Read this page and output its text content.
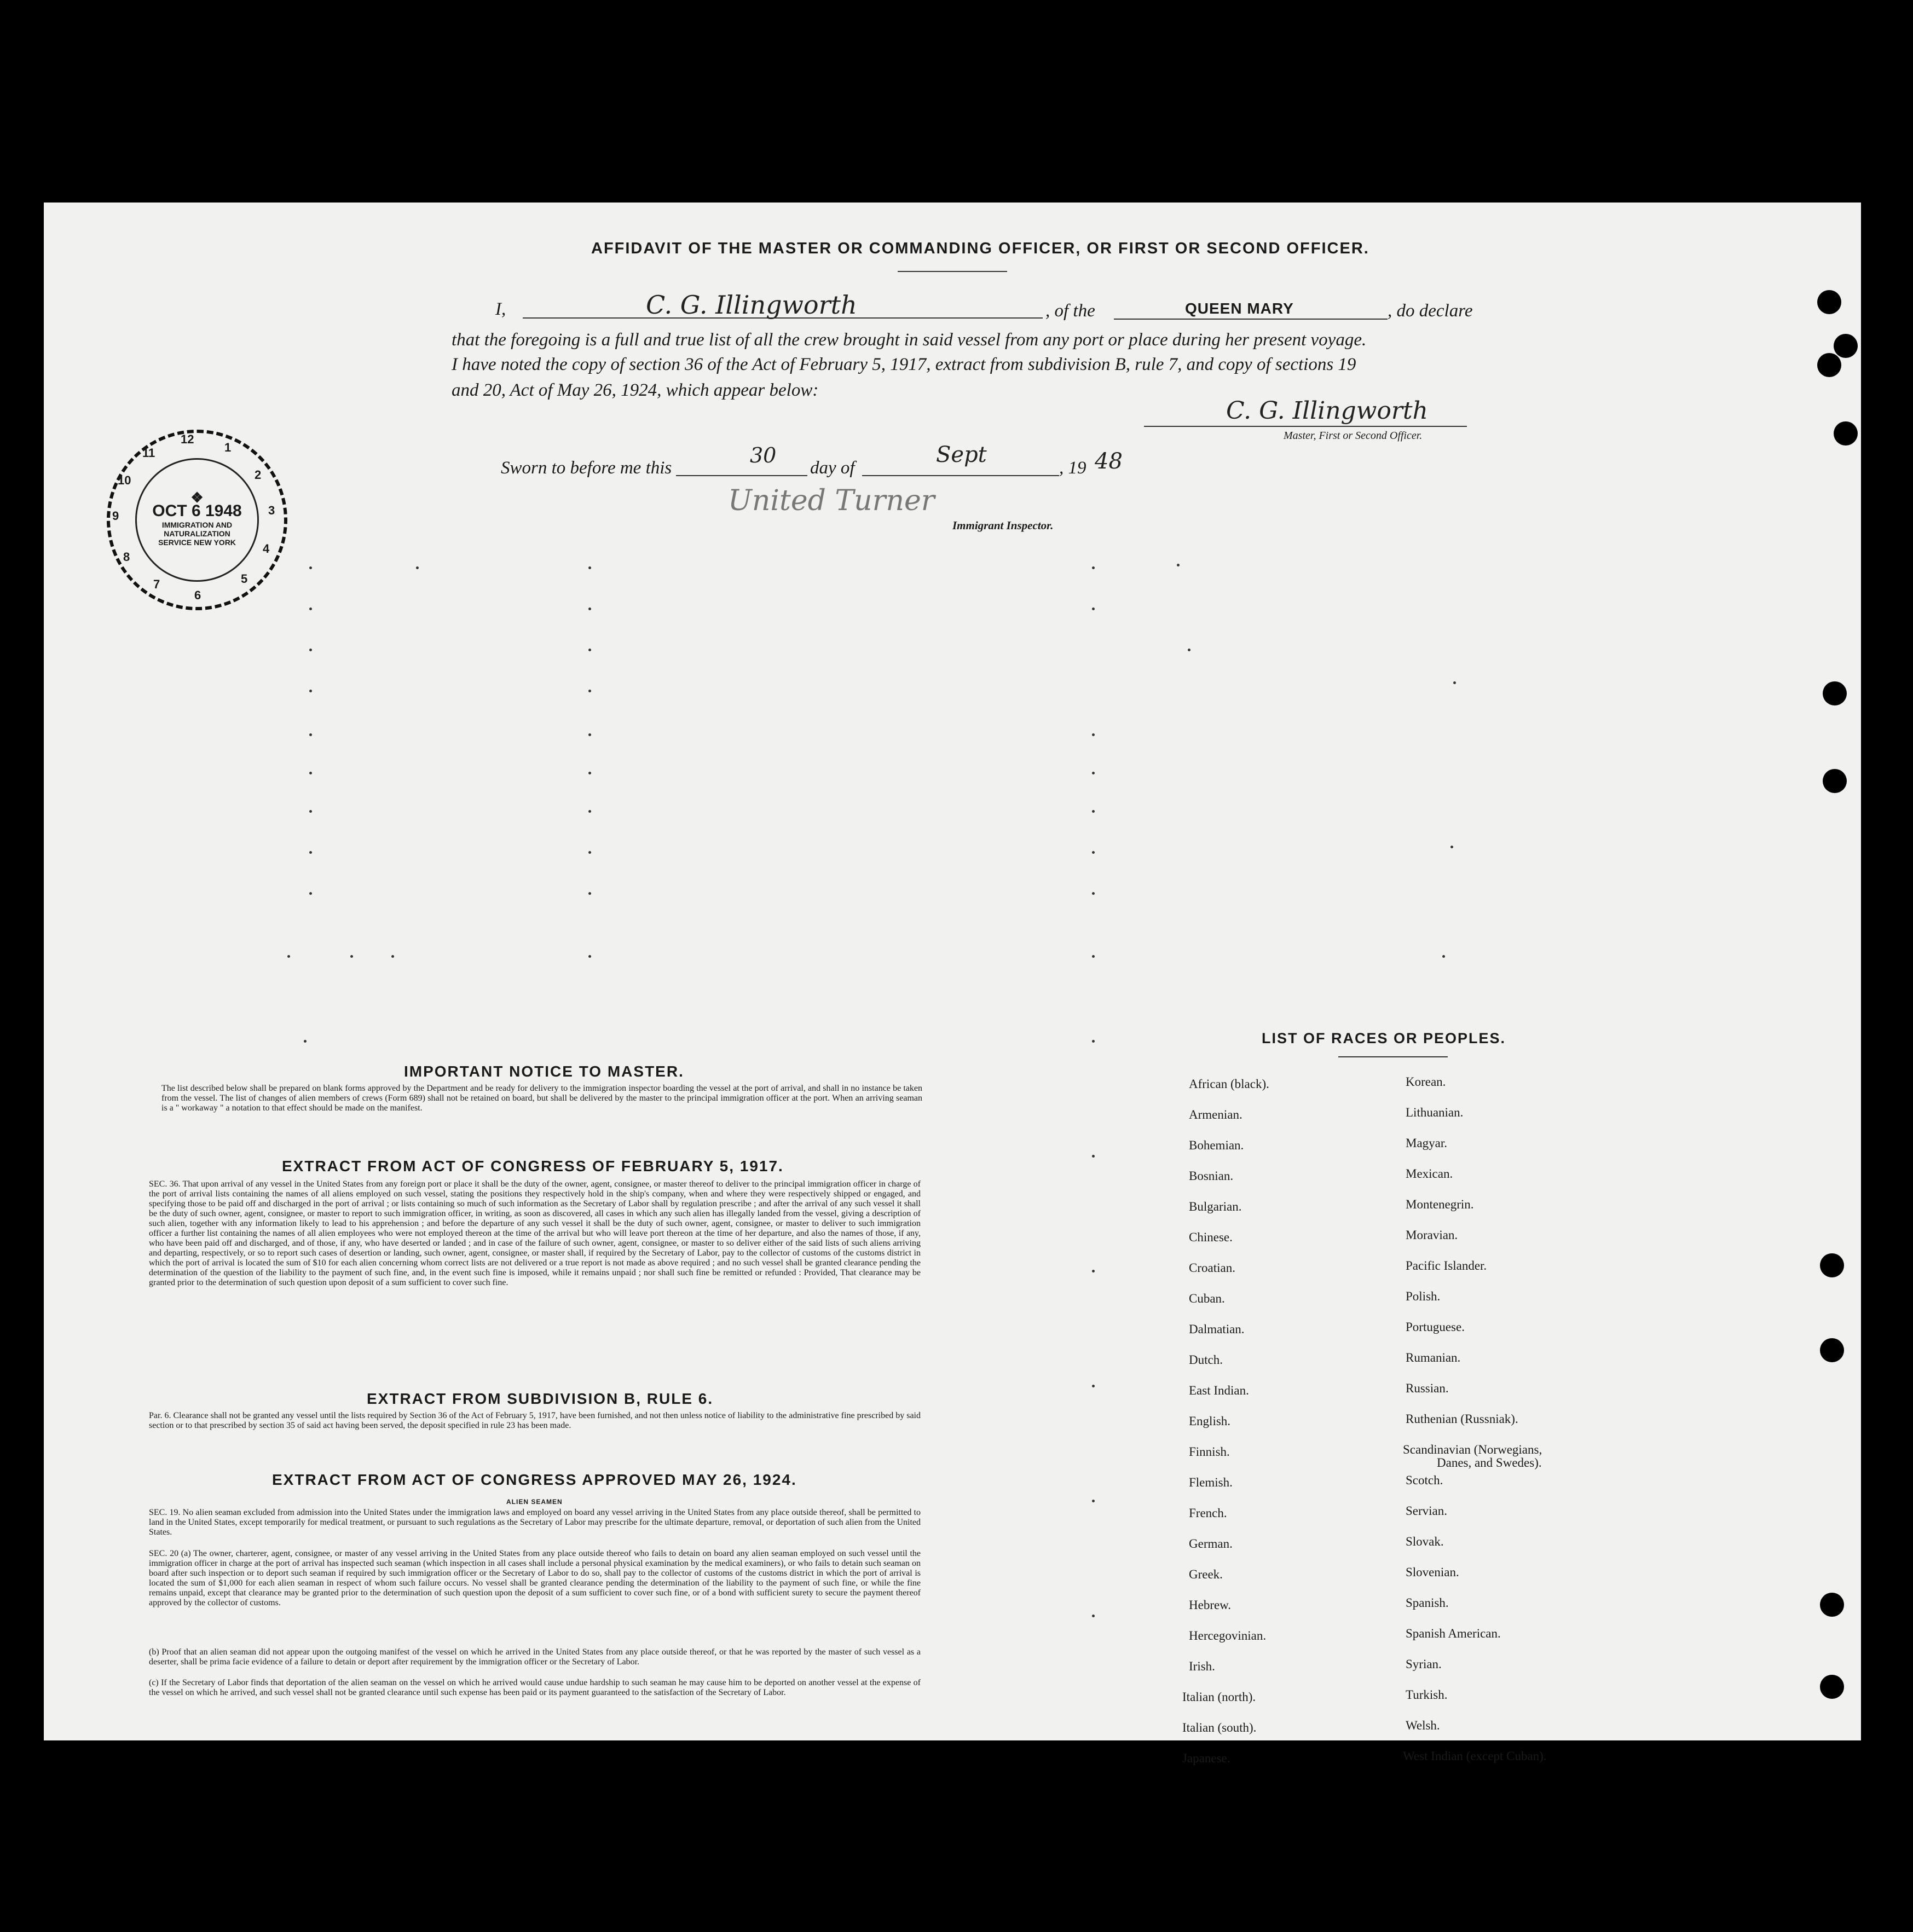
AFFIDAVIT OF THE MASTER OR COMMANDING OFFICER, OR FIRST OR SECOND OFFICER.
I,	C. G. Illingworth	, of the	QUEEN MARY	, do declare
that the foregoing is a full and true list of all the crew brought in said vessel from any port or place during her present voyage.
I have noted the copy of section 36 of the Act of February 5, 1917, extract from subdivision B, rule 7, and copy of sections 19
and 20, Act of May 26, 1924, which appear below:
C. G. Illingworth
Master, First or Second Officer.
Sworn to before me this
30
day of
Sept
, 19 48
United Turner
Immigrant Inspector.
❖
OCT 6 1948
IMMIGRATION AND NATURALIZATION SERVICE NEW YORK
12
1
2
3
4
5
6
7
8
9
10
11
IMPORTANT NOTICE TO MASTER.
The list described below shall be prepared on blank forms approved by the Department and be ready for delivery to the immigration inspector boarding the vessel at the port of arrival, and shall in no instance be taken from the vessel. The list of changes of alien members of crews (Form 689) shall not be retained on board, but shall be delivered by the master to the principal immigration officer at the port. When an arriving seaman is a " workaway " a notation to that effect should be made on the manifest.
EXTRACT FROM ACT OF CONGRESS OF FEBRUARY 5, 1917.
SEC. 36. That upon arrival of any vessel in the United States from any foreign port or place it shall be the duty of the owner, agent, consignee, or master thereof to deliver to the principal immigration officer in charge of the port of arrival lists containing the names of all aliens employed on such vessel, stating the positions they respectively hold in the ship's company, when and where they were respectively shipped or engaged, and specifying those to be paid off and discharged in the port of arrival ; or lists containing so much of such information as the Secretary of Labor shall by regulation prescribe ; and after the arrival of any such vessel it shall be the duty of such owner, agent, consignee, or master to report to such immigration officer, in writing, as soon as discovered, all cases in which any such alien has illegally landed from the vessel, giving a description of such alien, together with any information likely to lead to his apprehension ; and before the departure of any such vessel it shall be the duty of such owner, agent, consignee, or master to deliver to such immigration officer a further list containing the names of all alien employees who were not employed thereon at the time of the arrival but who will leave port thereon at the time of her departure, and also the names of those, if any, who have been paid off and discharged, and of those, if any, who have deserted or landed ; and in case of the failure of such owner, agent, consignee, or master to so deliver either of the said lists of such aliens arriving and departing, respectively, or so to report such cases of desertion or landing, such owner, agent, consignee, or master shall, if required by the Secretary of Labor, pay to the collector of customs of the customs district in which the port of arrival is located the sum of $10 for each alien concerning whom correct lists are not delivered or a true report is not made as above required ; and no such vessel shall be granted clearance pending the determination of the question of the liability to the payment of such fine, and, in the event such fine is imposed, while it remains unpaid ; nor shall such fine be remitted or refunded : Provided, That clearance may be granted prior to the determination of such question upon deposit of a sum sufficient to cover such fine.
EXTRACT FROM SUBDIVISION B, RULE 6.
Par. 6. Clearance shall not be granted any vessel until the lists required by Section 36 of the Act of February 5, 1917, have been furnished, and not then unless notice of liability to the administrative fine prescribed by said section or to that prescribed by section 35 of said act having been served, the deposit specified in rule 23 has been made.
EXTRACT FROM ACT OF CONGRESS APPROVED MAY 26, 1924.
ALIEN SEAMEN
SEC. 19. No alien seaman excluded from admission into the United States under the immigration laws and employed on board any vessel arriving in the United States from any place outside thereof, shall be permitted to land in the United States, except temporarily for medical treatment, or pursuant to such regulations as the Secretary of Labor may prescribe for the ultimate departure, removal, or deportation of such alien from the United States.
SEC. 20 (a) The owner, charterer, agent, consignee, or master of any vessel arriving in the United States from any place outside thereof who fails to detain on board any alien seaman employed on such vessel until the immigration officer in charge at the port of arrival has inspected such seaman (which inspection in all cases shall include a personal physical examination by the medical examiners), or who fails to detain such seaman on board after such inspection or to deport such seaman if required by such immigration officer or the Secretary of Labor to do so, shall pay to the collector of customs of the customs district in which the port of arrival is located the sum of $1,000 for each alien seaman in respect of whom such failure occurs. No vessel shall be granted clearance pending the determination of the liability to the payment of such fine, or while the fine remains unpaid, except that clearance may be granted prior to the determination of such question upon the deposit of a sum sufficient to cover such fine, or of a bond with sufficient surety to secure the payment thereof approved by the collector of customs.
(b) Proof that an alien seaman did not appear upon the outgoing manifest of the vessel on which he arrived in the United States from any place outside thereof, or that he was reported by the master of such vessel as a deserter, shall be prima facie evidence of a failure to detain or deport after requirement by the immigration officer or the Secretary of Labor.
(c) If the Secretary of Labor finds that deportation of the alien seaman on the vessel on which he arrived would cause undue hardship to such seaman he may cause him to be deported on another vessel at the expense of the vessel on which he arrived, and such vessel shall not be granted clearance until such expense has been paid or its payment guaranteed to the satisfaction of the Secretary of Labor.
LIST OF RACES OR PEOPLES.
African (black).
Armenian.
Bohemian.
Bosnian.
Bulgarian.
Chinese.
Croatian.
Cuban.
Dalmatian.
Dutch.
East Indian.
English.
Finnish.
Flemish.
French.
German.
Greek.
Hebrew.
Hercegovinian.
Irish.
Italian (north).
Italian (south).
Japanese.
Korean.
Lithuanian.
Magyar.
Mexican.
Montenegrin.
Moravian.
Pacific Islander.
Polish.
Portuguese.
Rumanian.
Russian.
Ruthenian (Russniak).
Scandinavian (Norwegians,
Danes, and Swedes).
Scotch.
Servian.
Slovak.
Slovenian.
Spanish.
Spanish American.
Syrian.
Turkish.
Welsh.
West Indian (except Cuban).
